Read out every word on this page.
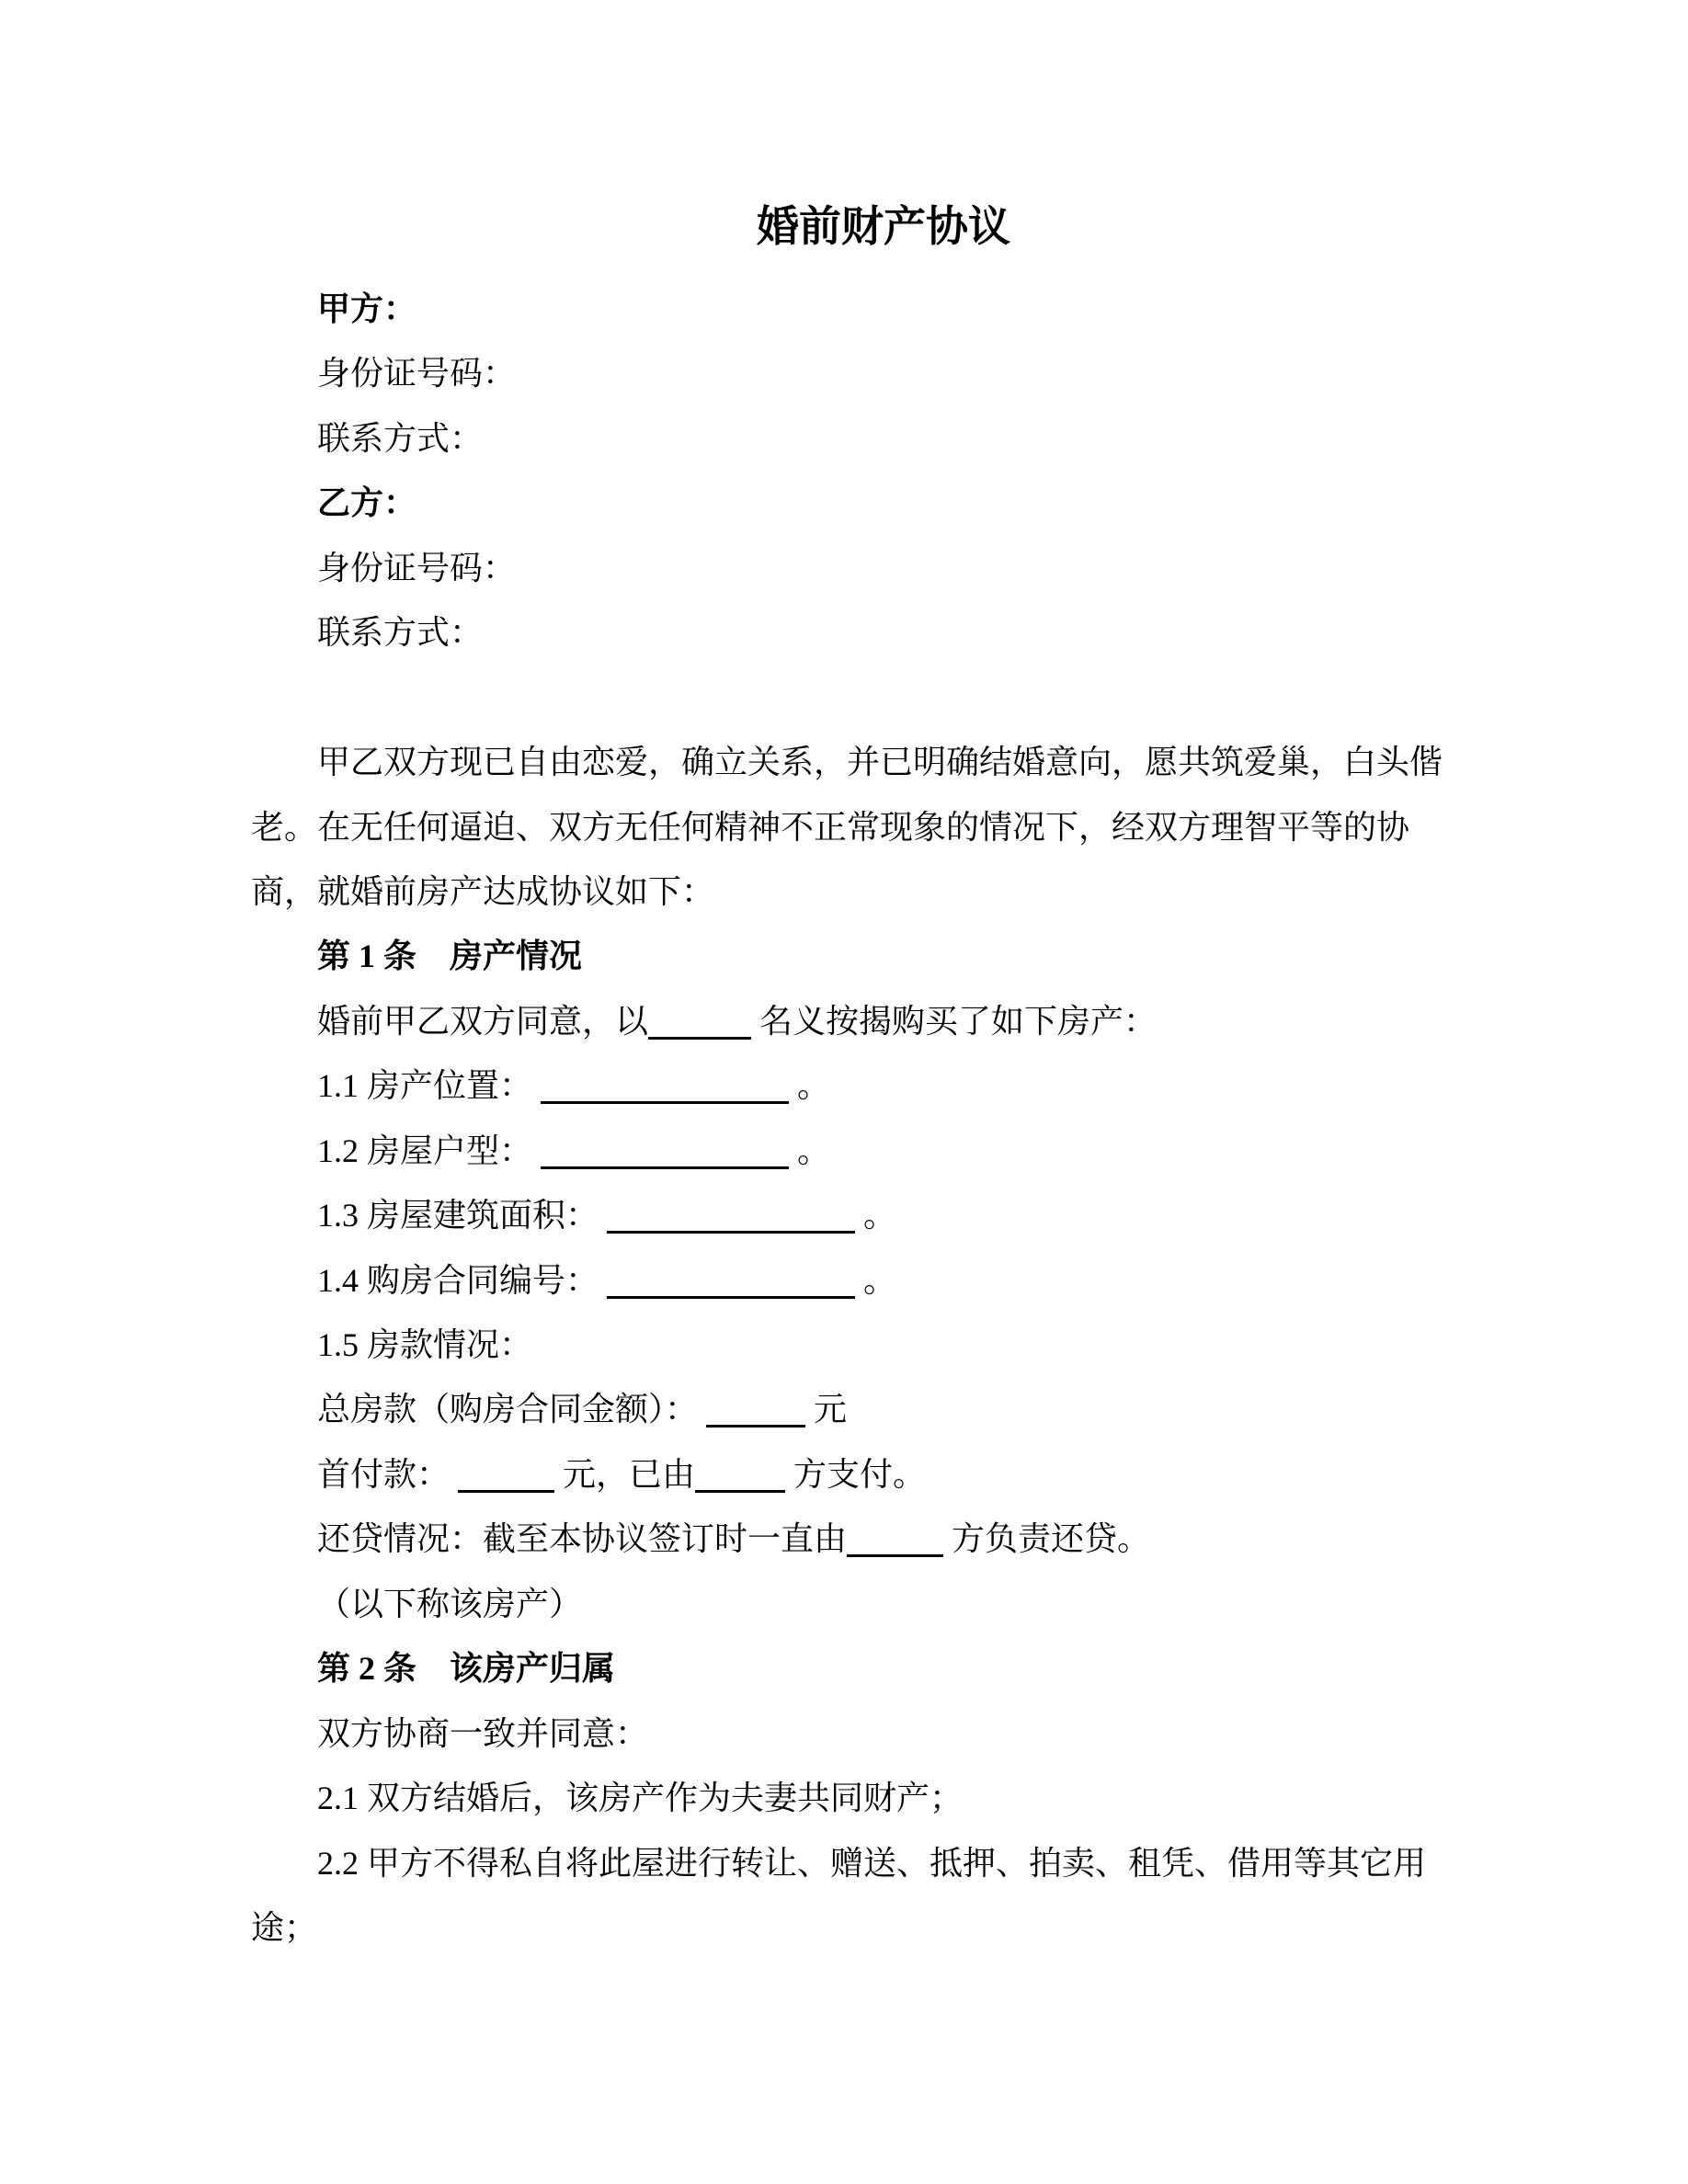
婚前财产协议
甲方：
身份证号码：
联系方式：
乙方：
身份证号码：
联系方式：
甲乙双方现已自由恋爱，确立关系，并已明确结婚意向，愿共筑爱巢，白头偕
老。在无任何逼迫、双方无任何精神不正常现象的情况下，经双方理智平等的协
商，就婚前房产达成协议如下：
第 1 条　房产情况
婚前甲乙双方同意，以	名义按揭购买了如下房产：
1.1 房产位置：	。
1.2 房屋户型：	。
1.3 房屋建筑面积：	。
1.4 购房合同编号：	。
1.5 房款情况：
总房款（购房合同金额）：	元
首付款：	元，已由	方支付。
还贷情况：截至本协议签订时一直由	方负责还贷。
（以下称该房产）
第 2 条　该房产归属
双方协商一致并同意：
2.1 双方结婚后，该房产作为夫妻共同财产；
2.2 甲方不得私自将此屋进行转让、赠送、抵押、拍卖、租凭、借用等其它用
途；
